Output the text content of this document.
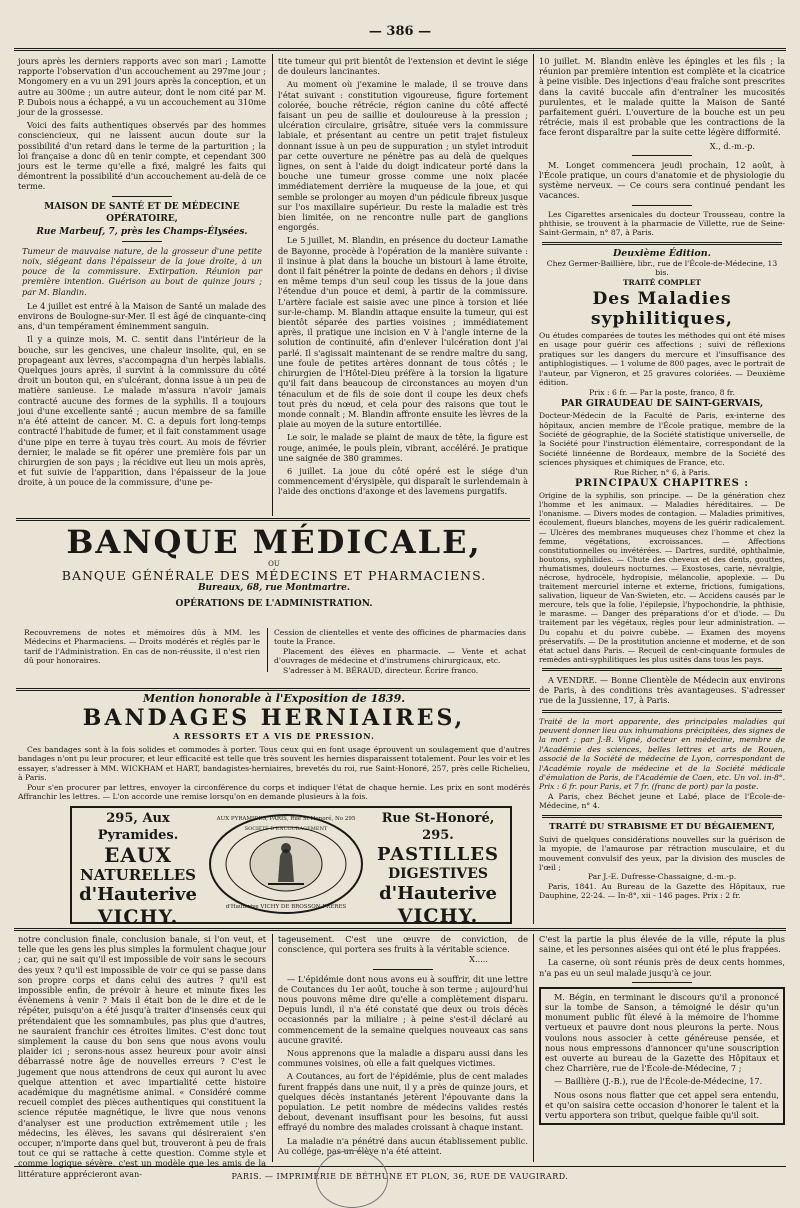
— 386 —

jours après les derniers rapports avec son mari ; Lamotte rapporte l'observation d'un accouchement au 297me jour ; Mongomery en a vu un 291 jours après la conception, et un autre au 300me ; un autre auteur, dont le nom cité par M. P. Dubois nous a échappé, a vu un accouchement au 310me jour de la grossesse.

Voici des faits authentiques observés par des hommes consciencieux, qui ne laissent aucun doute sur la possibilité d'un retard dans le terme de la parturition ; la loi française a donc dû en tenir compte, et cependant 300 jours est le terme qu'elle a fixé, malgré les faits qui démontrent la possibilité d'un accouchement au-delà de ce terme.

MAISON DE SANTÉ ET DE MÉDECINE OPÉRATOIRE,
Rue Marbeuf, 7, près les Champs-Élysées.
Tumeur de mauvaise nature, de la grosseur d'une petite noix, siégeant dans l'épaisseur de la joue droite, à un pouce de la commissure. Extirpation. Réunion par première intention. Guérison au bout de quinze jours ; par M. Blandin.

Le 4 juillet est entré à la Maison de Santé un malade des environs de Boulogne-sur-Mer. Il est âgé de cinquante-cinq ans, d'un tempérament éminemment sanguin.

Il y a quinze mois, M. C. sentit dans l'intérieur de la bouche, sur les gencives, une chaleur insolite, qui, en se propageant aux lèvres, s'accompagna d'un herpès labialis. Quelques jours après, il survint à la commissure du côté droit un bouton qui, en s'ulcérant, donna issue à un peu de matière sanieuse. Le malade m'assura n'avoir jamais contracté aucune des formes de la syphilis. Il a toujours joui d'une excellente santé ; aucun membre de sa famille n'a été atteint de cancer. M. C. a depuis fort long-temps contracté l'habitude de fumer, et il fait constamment usage d'une pipe en terre à tuyau très court. Au mois de février dernier, le malade se fit opérer une première fois par un chirurgien de son pays ; la récidive eut lieu un mois après, et fut suivie de l'apparition, dans l'épaisseur de la joue droite, à un pouce de la commissure, d'une pe-

tite tumeur qui prit bientôt de l'extension et devint le siége de douleurs lancinantes.

Au moment où j'examine le malade, il se trouve dans l'état suivant : constitution vigoureuse, figure fortement colorée, bouche rétrécie, région canine du côté affecté faisant un peu de saillie et douloureuse à la pression ; ulcération circulaire, grisâtre, située vers la commissure labiale, et présentant au centre un petit trajet fistuleux donnant issue à un peu de suppuration ; un stylet introduit par cette ouverture ne pénètre pas au delà de quelques lignes, on sent à l'aide du doigt indicateur porté dans la bouche une tumeur grosse comme une noix placée immédiatement derrière la muqueuse de la joue, et qui semble se prolonger au moyen d'un pédicule fibreux jusque sur l'os maxillaire supérieur. Du reste la maladie est très bien limitée, on ne rencontre nulle part de ganglions engorgés.

Le 5 juillet, M. Blandin, en présence du docteur Lamathe de Bayonne, procède à l'opération de la manière suivante : il insinue à plat dans la bouche un bistouri à lame étroite, dont il fait pénétrer la pointe de dedans en dehors ; il divise en même temps d'un seul coup les tissus de la joue dans l'étendue d'un pouce et demi, à partir de la commissure. L'artère faciale est saisie avec une pince à torsion et liée sur-le-champ. M. Blandin attaque ensuite la tumeur, qui est bientôt séparée des parties voisines ; immédiatement après, il pratique une incision en V à l'angle interne de la solution de continuité, afin d'enlever l'ulcération dont j'ai parlé. Il s'agissait maintenant de se rendre maître du sang, une foule de petites artères donnant de tous côtés ; le chirurgien de l'Hôtel-Dieu préfère à la torsion la ligature qu'il fait dans beaucoup de circonstances au moyen d'un ténaculum et de fils de soie dont il coupe les deux chefs tout près du nœud, et cela pour des raisons que tout le monde connaît ; M. Blandin affronte ensuite les lèvres de la plaie au moyen de la suture entortillée.

Le soir, le malade se plaint de maux de tête, la figure est rouge, animée, le pouls plein, vibrant, accéléré. Je pratique une saignée de 380 grammes.

6 juillet. La joue du côté opéré est le siége d'un commencement d'érysipèle, qui disparaît le surlendemain à l'aide des onctions d'axonge et des lavemens purgatifs.

10 juillet. M. Blandin enlève les épingles et les fils ; la réunion par première intention est complète et la cicatrice à peine visible. Des injections d'eau fraîche sont prescrites dans la cavité buccale afin d'entraîner les mucosités purulentes, et le malade quitte la Maison de Santé parfaitement guéri. L'ouverture de la bouche est un peu rétrécie, mais il est probable que les contractions de la face feront disparaître par la suite cette légère difformité.

X., d.-m.-p.

M. Longet commencera jeudi prochain, 12 août, à l'École pratique, un cours d'anatomie et de physiologie du système nerveux. — Ce cours sera continué pendant les vacances.

Les Cigarettes arsenicales du docteur Trousseau, contre la phthisie, se trouvent à la pharmacie de Villette, rue de Seine-Saint-Germain, n° 87, à Paris.

Deuxième Édition.
Chez Germer-Baillière, libr., rue de l'École-de-Médecine, 13 bis.
TRAITÉ COMPLET
Des Maladies syphilitiques,
Ou études comparées de toutes les méthodes qui ont été mises en usage pour guérir ces affections ; suivi de réflexions pratiques sur les dangers du mercure et l'insuffisance des antiphlogistiques. — 1 volume de 800 pages, avec le portrait de l'auteur, par Vigneron, et 25 gravures coloriées. — Deuxième édition.
Prix : 6 fr. — Par la poste, franco, 8 fr.
PAR GIRAUDEAU DE SAINT-GERVAIS,
Docteur-Médecin de la Faculté de Paris, ex-interne des hôpitaux, ancien membre de l'École pratique, membre de la Société de géographie, de la Société statistique universelle, de la Société pour l'instruction élémentaire, correspondant de la Société linnéenne de Bordeaux, membre de la Société des sciences physiques et chimiques de France, etc.
Rue Richer, n° 6, à Paris.
PRINCIPAUX CHAPITRES :
Origine de la syphilis, son principe. — De la génération chez l'homme et les animaux. — Maladies héréditaires. — De l'onanisme. — Divers modes de contagion. — Maladies primitives, écoulement, flueurs blanches, moyens de les guérir radicalement. — Ulcères des membranes muqueuses chez l'homme et chez la femme, végétations, excroissances. — Affections constitutionnelles ou invétérées. — Dartres, surdité, ophthalmie, boutons, syphilides. — Chute des cheveux et des dents, gouttes, rhumatismes, douleurs nocturnes. — Exostoses, carie, névralgie, nécrose, hydrocèle, hydropisie, mélancolie, apoplexie. — Du traitement mercuriel interne et externe, frictions, fumigations, salivation, liqueur de Van-Swieten, etc. — Accidens causés par le mercure, tels que la folie, l'épilepsie, l'hypochondrie, la phthisie, le marasme. — Danger des préparations d'or et d'iode. — Du traitement par les végétaux, règles pour leur administration. — Du copahu et du poivre cubèbe. — Examen des moyens préservatifs. — De la prostitution ancienne et moderne, et de son état actuel dans Paris. — Recueil de cent-cinquante formules de remèdes anti-syphilitiques les plus usités dans tous les pays.

A VENDRE. — Bonne Clientèle de Médecin aux environs de Paris, à des conditions très avantageuses. S'adresser rue de la Jussienne, 17, à Paris.

Traité de la mort apparente, des principales maladies qui peuvent donner lieu aux inhumations précipitées, des signes de la mort ; par J.-B. Vigné, docteur en médecine, membre de l'Académie des sciences, belles lettres et arts de Rouen, associé de la Société de médecine de Lyon, correspondant de l'Académie royale de médecine et de la Société médicale d'émulation de Paris, de l'Académie de Caen, etc. Un vol. in-8°. Prix : 6 fr. pour Paris, et 7 fr. (franc de port) par la poste.
A Paris, chez Béchet jeune et Labé, place de l'École-de-Médecine, n° 4.
TRAITÉ DU STRABISME ET DU BÉGAIEMENT,
Suivi de quelques considérations nouvelles sur la guérison de la myopie, de l'amaurose par rétraction musculaire, et du mouvement convulsif des yeux, par la division des muscles de l'œil ;
Par J.-E. Dufresse-Chassaigne, d.-m.-p.
Paris, 1841. Au Bureau de la Gazette des Hôpitaux, rue Dauphine, 22-24. — In-8°, xii - 146 pages. Prix : 2 fr.
BANQUE MÉDICALE,
OU
BANQUE GÉNÉRALE DES MÉDECINS ET PHARMACIENS.
Bureaux, 68, rue Montmartre.
OPÉRATIONS DE L'ADMINISTRATION.
Recouvremens de notes et mémoires dûs à MM. les Médecins et Pharmaciens. — Droits modérés et réglés par le tarif de l'Administration. En cas de non-réussite, il n'est rien dû pour honoraires.
Cession de clientelles et vente des officines de pharmacies dans toute la France.
Placement des élèves en pharmacie. — Vente et achat d'ouvrages de médecine et d'instrumens chirurgicaux, etc.
S'adresser à M. BÉRAUD, directeur. Écrire franco.
Mention honorable à l'Exposition de 1839.
BANDAGES HERNIAIRES,
A RESSORTS ET A VIS DE PRESSION.
Ces bandages sont à la fois solides et commodes à porter. Tous ceux qui en font usage éprouvent un soulagement que d'autres bandages n'ont pu leur procurer, et leur efficacité est telle que très souvent les hernies disparaissent totalement. Pour les voir et les essayer, s'adresser à MM. WICKHAM et HART, bandagistes-herniaires, brevetés du roi, rue Saint-Honoré, 257, près celle Richelieu, à Paris.
Pour s'en procurer par lettres, envoyer la circonférence du corps et indiquer l'état de chaque hernie. Les prix en sont modérés Affranchir les lettres. — L'on accorde une remise lorsqu'on en demande plusieurs à la fois.
295, Aux Pyramides.
EAUX
NATURELLES
d'Hauterive
VICHY.
AUX PYRAMIDES, PARIS, Rue St Honoré, No 295
SOCIÉTÉ D'ENCOURAGEMENT
d'Hauterive VICHY DE BROSSON FRÈRES
Rue St-Honoré, 295.
PASTILLES
DIGESTIVES
d'Hauterive
VICHY.

notre conclusion finale, conclusion banale, si l'on veut, et telle que les gens les plus simples la formulent chaque jour ; car, qui ne sait qu'il est impossible de voir sans le secours des yeux ? qu'il est impossible de voir ce qui se passe dans son propre corps et dans celui des autres ? qu'il est impossible enfin, de prévoir à heure et minute fixes les évènemens à venir ? Mais il était bon de le dire et de le répéter, puisqu'on a été jusqu'à traiter d'insensés ceux qui prétendaient que les somnambules, pas plus que d'autres, ne sauraient franchir ces étroites limites. C'est donc tout simplement la cause du bon sens que nous avons voulu plaider ici ; serons-nous assez heureux pour avoir ainsi débarrassé notre âge de nouvelles erreurs ? C'est le jugement que nous attendrons de ceux qui auront lu avec quelque attention et avec impartialité cette histoire académique du magnétisme animal. « Considéré comme recueil complet des pièces authentiques qui constituent la science réputée magnétique, le livre que nous venons d'analyser est une production extrêmement utile ; les médecins, les élèves, les savans qui désireraient s'en occuper, n'importe dans quel but, trouveront à peu de frais tout ce qui se rattache à cette question. Comme style et comme logique sévère, c'est un modèle que les amis de la littérature apprécieront avan-

tageusement. C'est une œuvre de conviction, de conscience, qui portera ses fruits à la véritable science.

X.....

— L'épidémie dont nous avons eu à souffrir, dit une lettre de Coutances du 1er août, touche à son terme ; aujourd'hui nous pouvons même dire qu'elle a complètement disparu. Depuis lundi, il n'a été constaté que deux ou trois décès occasionnés par la miliaire ; à peine s'est-il déclaré au commencement de la semaine quelques nouveaux cas sans aucune gravité.

Nous apprenons que la maladie a disparu aussi dans les communes voisines, où elle a fait quelques victimes.

A Coutances, au fort de l'épidémie, plus de cent malades furent frappés dans une nuit, il y a près de quinze jours, et quelques décès instantanés jetèrent l'épouvante dans la population. Le petit nombre de médecins valides restés debout, devenant insuffisant pour les besoins, fut aussi effrayé du nombre des malades croissant à chaque instant.

La maladie n'a pénétré dans aucun établissement public. Au collége, pas un élève n'a été atteint.

C'est la partie la plus élevée de la ville, répute la plus saine, et les personnes aisées qui ont été le plus frappées.

La caserne, où sont réunis près de deux cents hommes, n'a pas eu un seul malade jusqu'à ce jour.

M. Bégin, en terminant le discours qu'il a prononcé sur la tombe de Sanson, a témoigné le désir qu'un monument public fût élevé à la mémoire de l'homme vertueux et pauvre dont nous pleurons la perte. Nous voulons nous associer à cette généreuse pensée, et nous nous empressons d'annoncer qu'une souscription est ouverte au bureau de la Gazette des Hôpitaux et chez Charrière, rue de l'École-de-Médecine, 7 ;

— Baillière (J.-B.), rue de l'École-de-Médecine, 17.

Nous osons nous flatter que cet appel sera entendu, et qu'on saisira cette occasion d'honorer le talent et la vertu apportera son tribut, quelque faible qu'il soit.

PARIS. — IMPRIMERIE DE BÉTHUNE ET PLON, 36, RUE DE VAUGIRARD.
